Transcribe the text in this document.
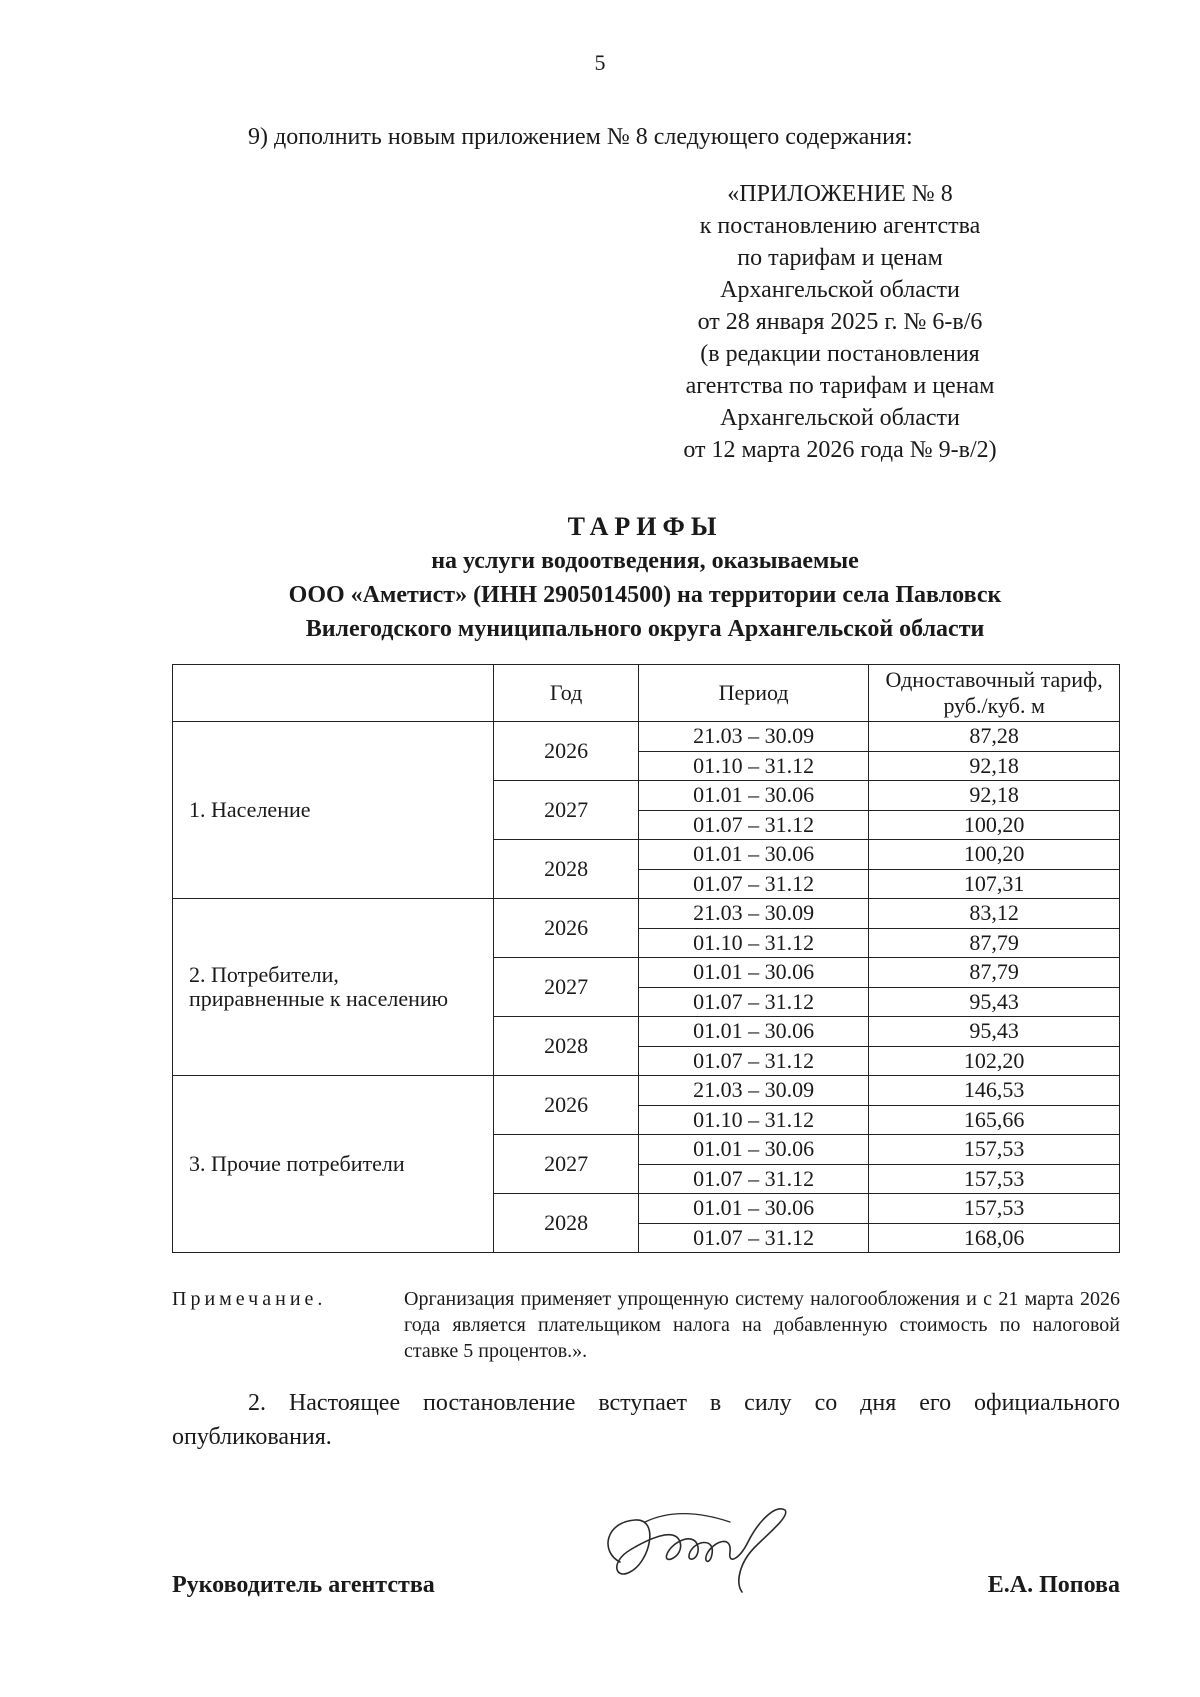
5
9) дополнить новым приложением № 8 следующего содержания:
«ПРИЛОЖЕНИЕ № 8
к постановлению агентства
по тарифам и ценам
Архангельской области
от 28 января 2025 г. № 6-в/6
(в редакции постановления
агентства по тарифам и ценам
Архангельской области
от 12 марта 2026 года № 9-в/2)
ТАРИФЫ
на услуги водоотведения, оказываемые
ООО «Аметист» (ИНН 2905014500) на территории села Павловск
Вилегодского муниципального округа Архангельской области
	Год	Период	Одноставочный тариф,
руб./куб. м
1. Население	2026	21.03 – 30.09	87,28
		01.10 – 31.12	92,18
	2027	01.01 – 30.06	92,18
		01.07 – 31.12	100,20
	2028	01.01 – 30.06	100,20
		01.07 – 31.12	107,31
2. Потребители,
приравненные к населению	2026	21.03 – 30.09	83,12
		01.10 – 31.12	87,79
	2027	01.01 – 30.06	87,79
		01.07 – 31.12	95,43
	2028	01.01 – 30.06	95,43
		01.07 – 31.12	102,20
3. Прочие потребители	2026	21.03 – 30.09	146,53
		01.10 – 31.12	165,66
	2027	01.01 – 30.06	157,53
		01.07 – 31.12	157,53
	2028	01.01 – 30.06	157,53
		01.07 – 31.12	168,06
Примечание.	Организация применяет упрощенную систему налогообложения и с 21 марта 2026 года является плательщиком налога на добавленную стоимость по налоговой ставке 5 процентов.».
2. Настоящее постановление вступает в силу со дня его официального опубликования.
Руководитель агентства	Е.А. Попова
